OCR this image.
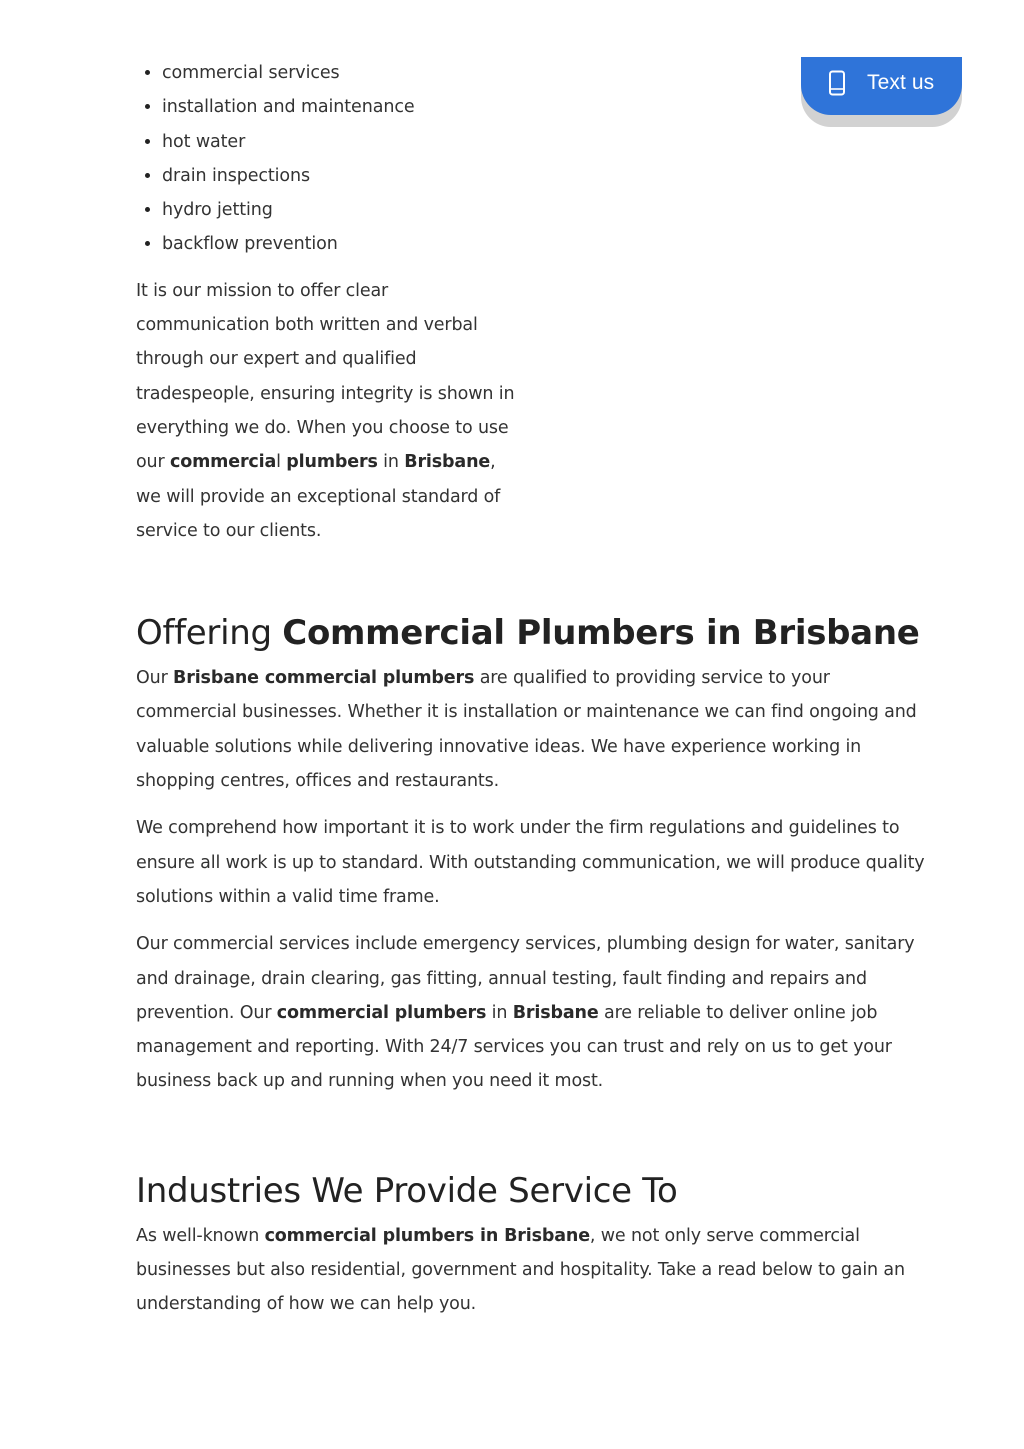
Text us
• commercial services
• installation and maintenance
• hot water
• drain inspections
• hydro jetting
• backflow prevention

It is our mission to offer clear communication both written and verbal through our expert and qualified tradespeople, ensuring integrity is shown in everything we do. When you choose to use our commercial plumbers in Brisbane, we will provide an exceptional standard of service to our clients.

Offering Commercial Plumbers in Brisbane

Our Brisbane commercial plumbers are qualified to providing service to your commercial businesses. Whether it is installation or maintenance we can find ongoing and valuable solutions while delivering innovative ideas. We have experience working in shopping centres, offices and restaurants.

We comprehend how important it is to work under the firm regulations and guidelines to ensure all work is up to standard. With outstanding communication, we will produce quality solutions within a valid time frame.

Our commercial services include emergency services, plumbing design for water, sanitary and drainage, drain clearing, gas fitting, annual testing, fault finding and repairs and prevention. Our commercial plumbers in Brisbane are reliable to deliver online job management and reporting. With 24/7 services you can trust and rely on us to get your business back up and running when you need it most.

Industries We Provide Service To

As well-known commercial plumbers in Brisbane, we not only serve commercial businesses but also residential, government and hospitality. Take a read below to gain an understanding of how we can help you.
